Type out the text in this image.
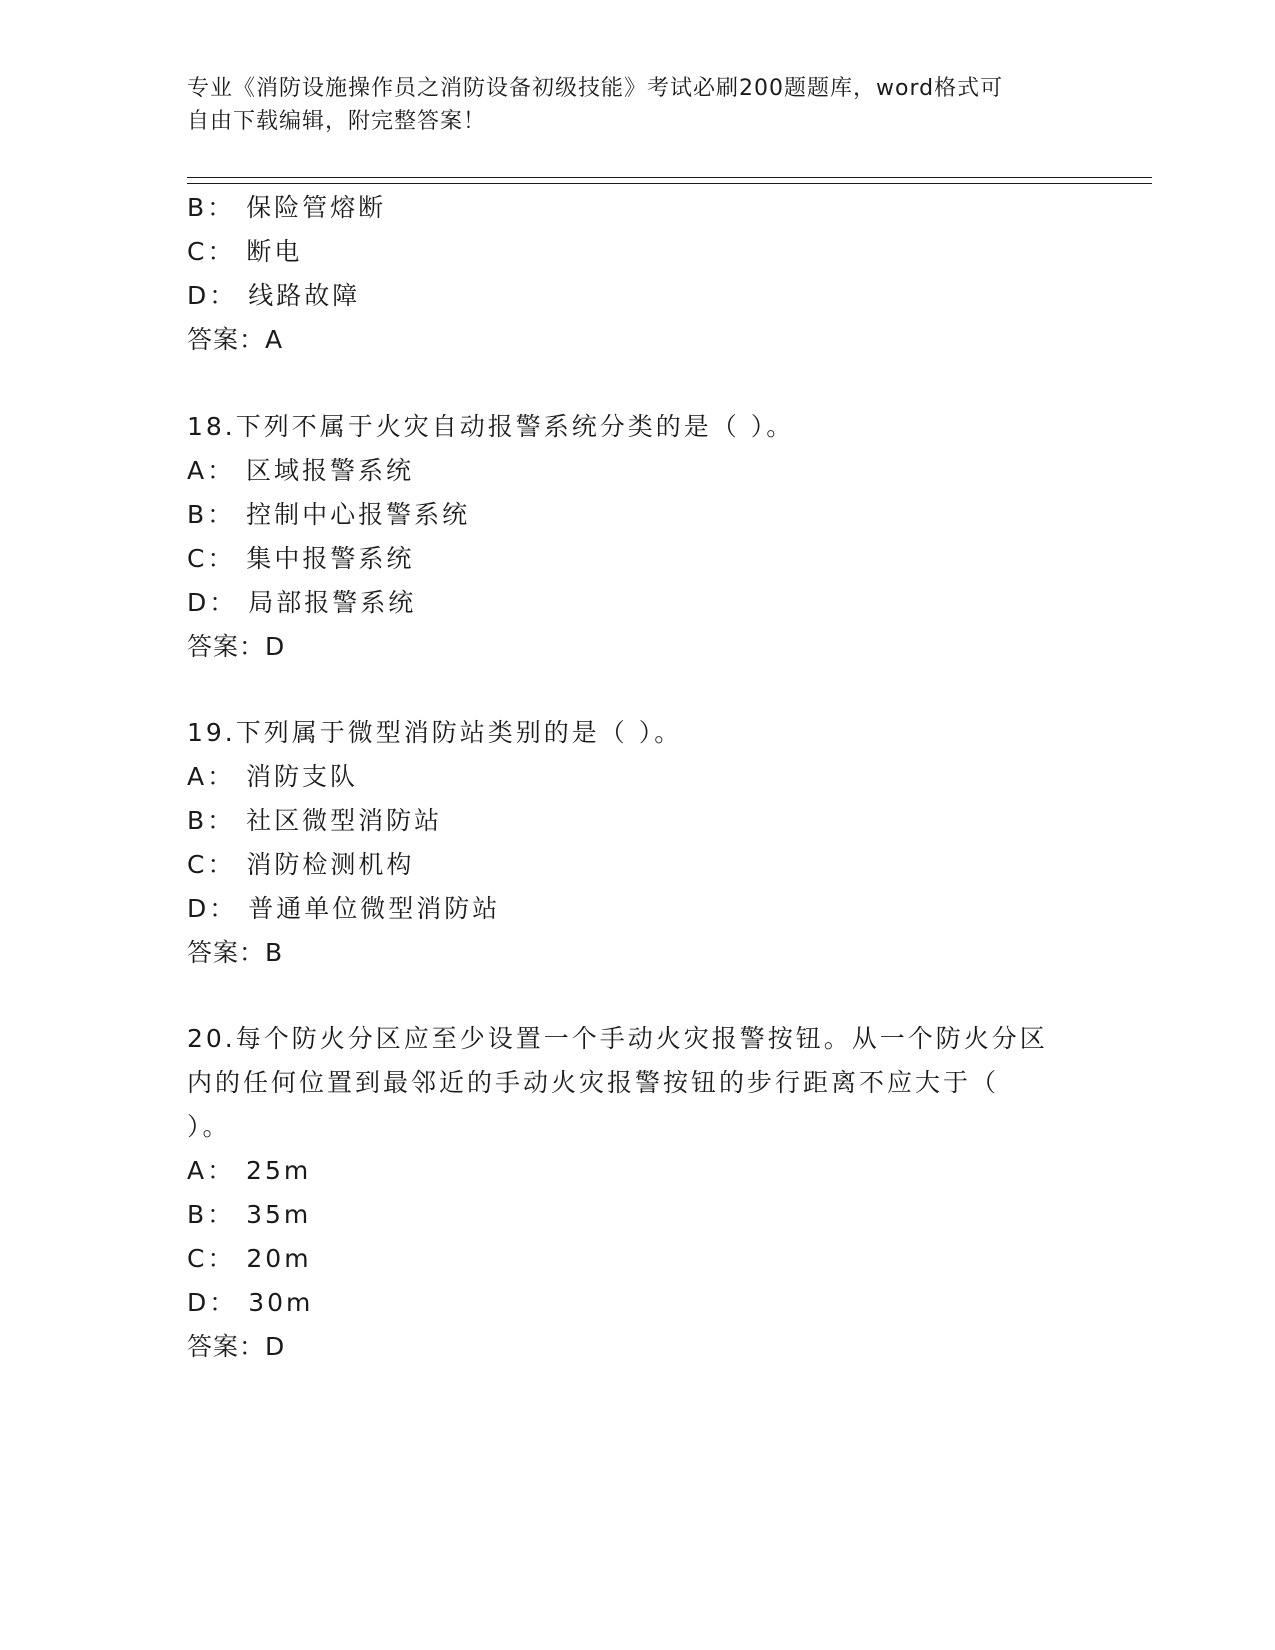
专业《消防设施操作员之消防设备初级技能》考试必刷200题题库，word格式可
自由下载编辑，附完整答案！
B： 保险管熔断
C： 断电
D： 线路故障
答案：A
18.下列不属于火灾自动报警系统分类的是（ ）。
A： 区域报警系统
B： 控制中心报警系统
C： 集中报警系统
D： 局部报警系统
答案：D
19.下列属于微型消防站类别的是（ ）。
A： 消防支队
B： 社区微型消防站
C： 消防检测机构
D： 普通单位微型消防站
答案：B
20.每个防火分区应至少设置一个手动火灾报警按钮。从一个防火分区
内的任何位置到最邻近的手动火灾报警按钮的步行距离不应大于（
）。
A： 25m
B： 35m
C： 20m
D： 30m
答案：D
